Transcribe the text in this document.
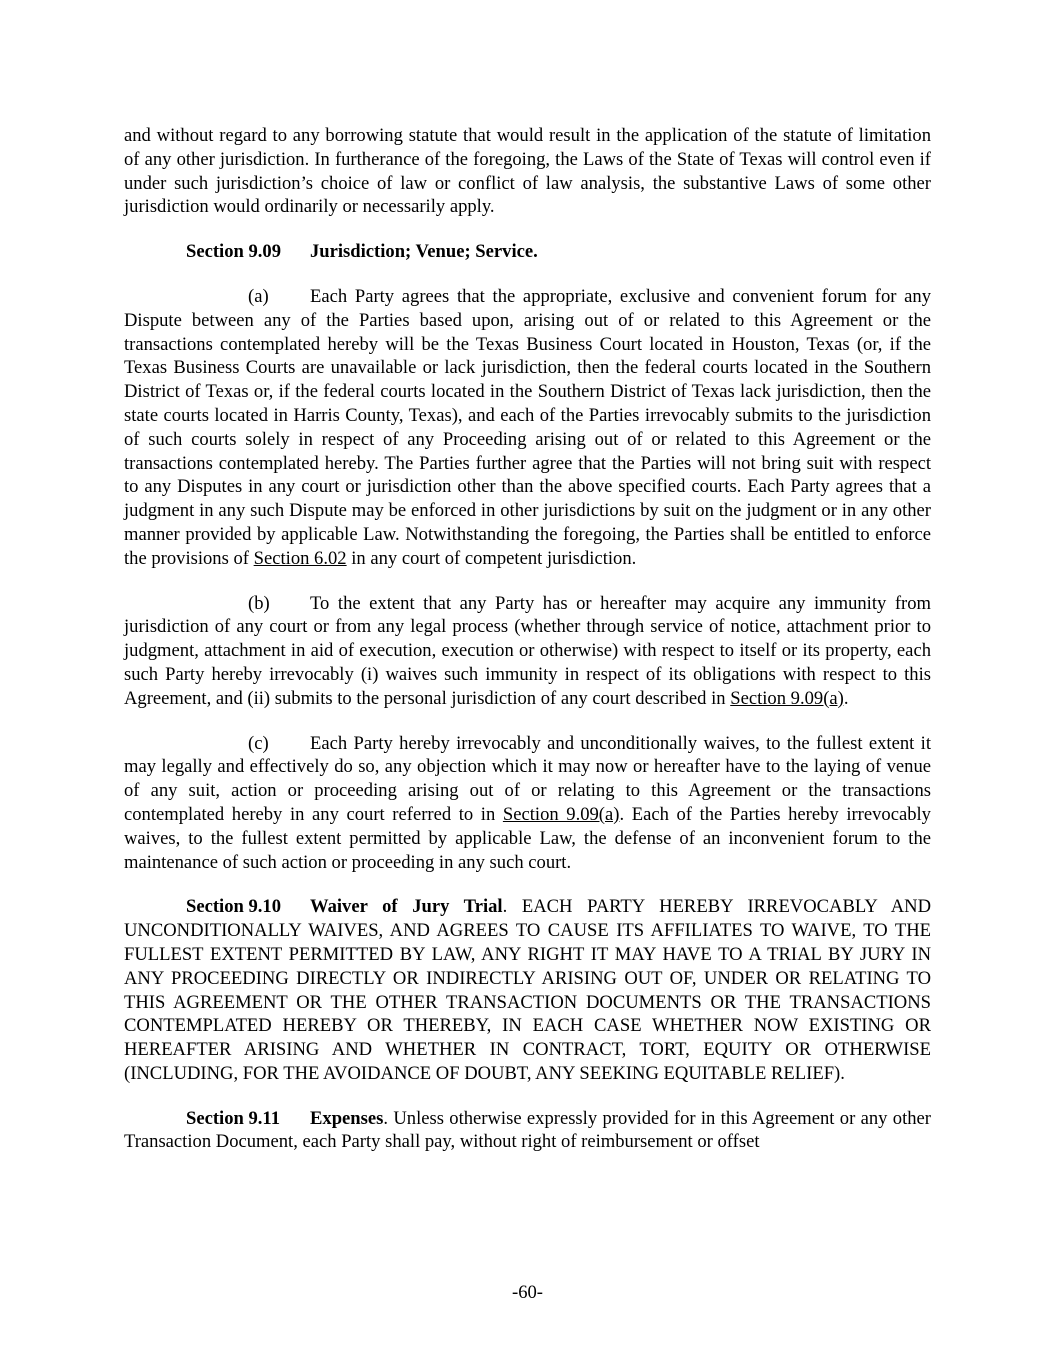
and without regard to any borrowing statute that would result in the application of the statute of limitation of any other jurisdiction. In furtherance of the foregoing, the Laws of the State of Texas will control even if under such jurisdiction’s choice of law or conflict of law analysis, the substantive Laws of some other jurisdiction would ordinarily or necessarily apply.

Section 9.09 Jurisdiction; Venue; Service.

(a) Each Party agrees that the appropriate, exclusive and convenient forum for any Dispute between any of the Parties based upon, arising out of or related to this Agreement or the transactions contemplated hereby will be the Texas Business Court located in Houston, Texas (or, if the Texas Business Courts are unavailable or lack jurisdiction, then the federal courts located in the Southern District of Texas or, if the federal courts located in the Southern District of Texas lack jurisdiction, then the state courts located in Harris County, Texas), and each of the Parties irrevocably submits to the jurisdiction of such courts solely in respect of any Proceeding arising out of or related to this Agreement or the transactions contemplated hereby. The Parties further agree that the Parties will not bring suit with respect to any Disputes in any court or jurisdiction other than the above specified courts. Each Party agrees that a judgment in any such Dispute may be enforced in other jurisdictions by suit on the judgment or in any other manner provided by applicable Law. Notwithstanding the foregoing, the Parties shall be entitled to enforce the provisions of Section 6.02 in any court of competent jurisdiction.

(b) To the extent that any Party has or hereafter may acquire any immunity from jurisdiction of any court or from any legal process (whether through service of notice, attachment prior to judgment, attachment in aid of execution, execution or otherwise) with respect to itself or its property, each such Party hereby irrevocably (i) waives such immunity in respect of its obligations with respect to this Agreement, and (ii) submits to the personal jurisdiction of any court described in Section 9.09(a).

(c) Each Party hereby irrevocably and unconditionally waives, to the fullest extent it may legally and effectively do so, any objection which it may now or hereafter have to the laying of venue of any suit, action or proceeding arising out of or relating to this Agreement or the transactions contemplated hereby in any court referred to in Section 9.09(a). Each of the Parties hereby irrevocably waives, to the fullest extent permitted by applicable Law, the defense of an inconvenient forum to the maintenance of such action or proceeding in any such court.

Section 9.10 Waiver of Jury Trial. EACH PARTY HEREBY IRREVOCABLY AND UNCONDITIONALLY WAIVES, AND AGREES TO CAUSE ITS AFFILIATES TO WAIVE, TO THE FULLEST EXTENT PERMITTED BY LAW, ANY RIGHT IT MAY HAVE TO A TRIAL BY JURY IN ANY PROCEEDING DIRECTLY OR INDIRECTLY ARISING OUT OF, UNDER OR RELATING TO THIS AGREEMENT OR THE OTHER TRANSACTION DOCUMENTS OR THE TRANSACTIONS CONTEMPLATED HEREBY OR THEREBY, IN EACH CASE WHETHER NOW EXISTING OR HEREAFTER ARISING AND WHETHER IN CONTRACT, TORT, EQUITY OR OTHERWISE (INCLUDING, FOR THE AVOIDANCE OF DOUBT, ANY SEEKING EQUITABLE RELIEF).

Section 9.11 Expenses. Unless otherwise expressly provided for in this Agreement or any other Transaction Document, each Party shall pay, without right of reimbursement or offset

-60-
